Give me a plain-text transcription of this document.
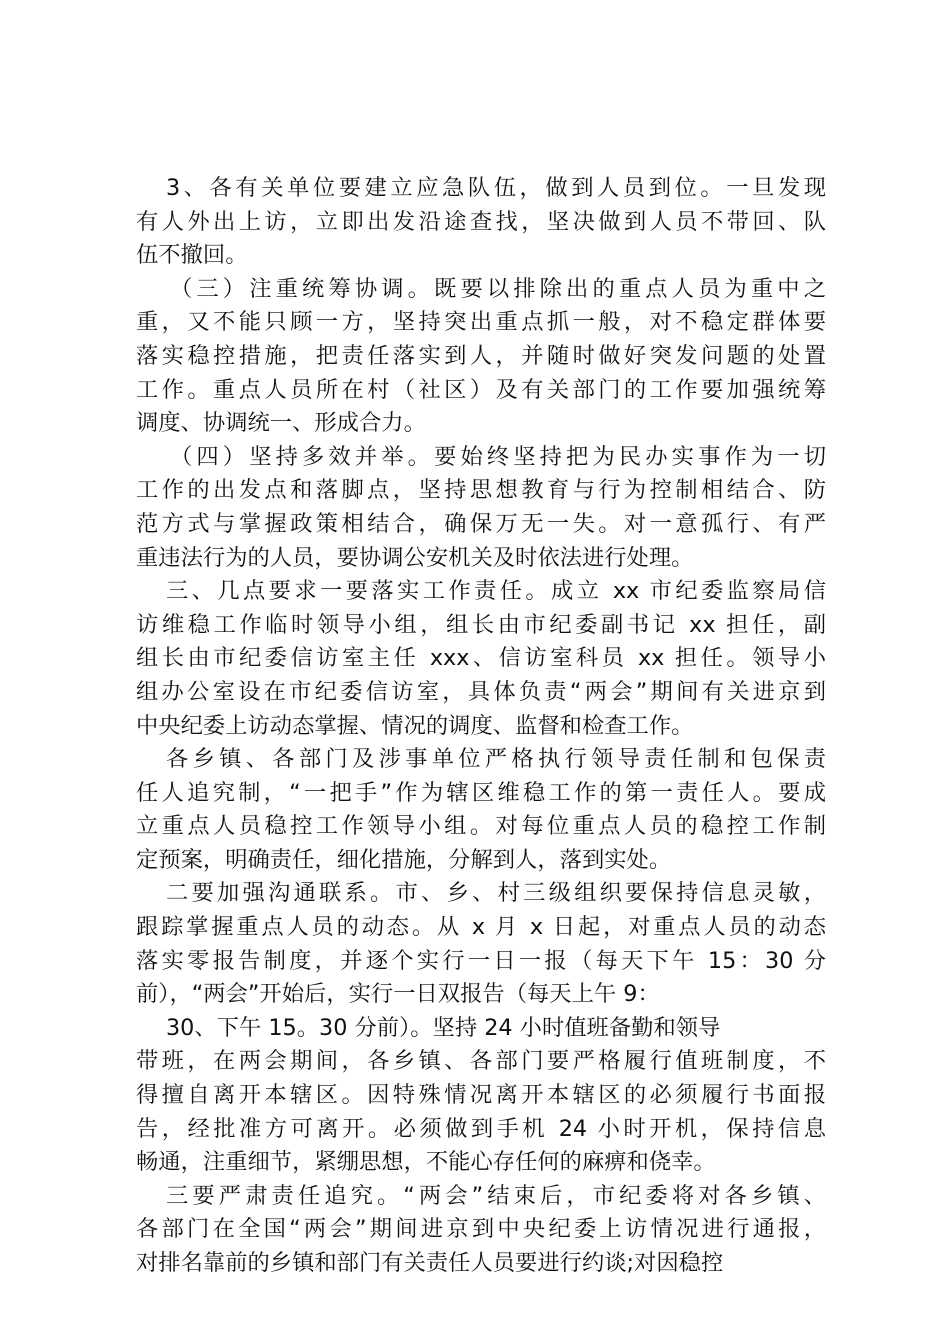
3、各有关单位要建立应急队伍，做到人员到位。一旦发现
有人外出上访，立即出发沿途查找，坚决做到人员不带回、队
伍不撤回。
（三）注重统筹协调。既要以排除出的重点人员为重中之
重，又不能只顾一方，坚持突出重点抓一般，对不稳定群体要
落实稳控措施，把责任落实到人，并随时做好突发问题的处置
工作。重点人员所在村（社区）及有关部门的工作要加强统筹
调度、协调统一、形成合力。
（四）坚持多效并举。要始终坚持把为民办实事作为一切
工作的出发点和落脚点，坚持思想教育与行为控制相结合、防
范方式与掌握政策相结合，确保万无一失。对一意孤行、有严
重违法行为的人员，要协调公安机关及时依法进行处理。
三、几点要求一要落实工作责任。成立 xx 市纪委监察局信
访维稳工作临时领导小组，组长由市纪委副书记 xx 担任，副
组长由市纪委信访室主任 xxx、信访室科员 xx 担任。领导小
组办公室设在市纪委信访室，具体负责“两会”期间有关进京到
中央纪委上访动态掌握、情况的调度、监督和检查工作。
各乡镇、各部门及涉事单位严格执行领导责任制和包保责
任人追究制，“一把手”作为辖区维稳工作的第一责任人。要成
立重点人员稳控工作领导小组。对每位重点人员的稳控工作制
定预案，明确责任，细化措施，分解到人，落到实处。
二要加强沟通联系。市、乡、村三级组织要保持信息灵敏，
跟踪掌握重点人员的动态。从 x 月 x 日起，对重点人员的动态
落实零报告制度，并逐个实行一日一报（每天下午 15：30 分
前），“两会”开始后，实行一日双报告（每天上午 9：
30、下午 15。30 分前）。坚持 24 小时值班备勤和领导
带班，在两会期间，各乡镇、各部门要严格履行值班制度，不
得擅自离开本辖区。因特殊情况离开本辖区的必须履行书面报
告，经批准方可离开。必须做到手机 24 小时开机，保持信息
畅通，注重细节，紧绷思想，不能心存任何的麻痹和侥幸。
三要严肃责任追究。“两会”结束后，市纪委将对各乡镇、
各部门在全国“两会”期间进京到中央纪委上访情况进行通报，
对排名靠前的乡镇和部门有关责任人员要进行约谈;对因稳控
